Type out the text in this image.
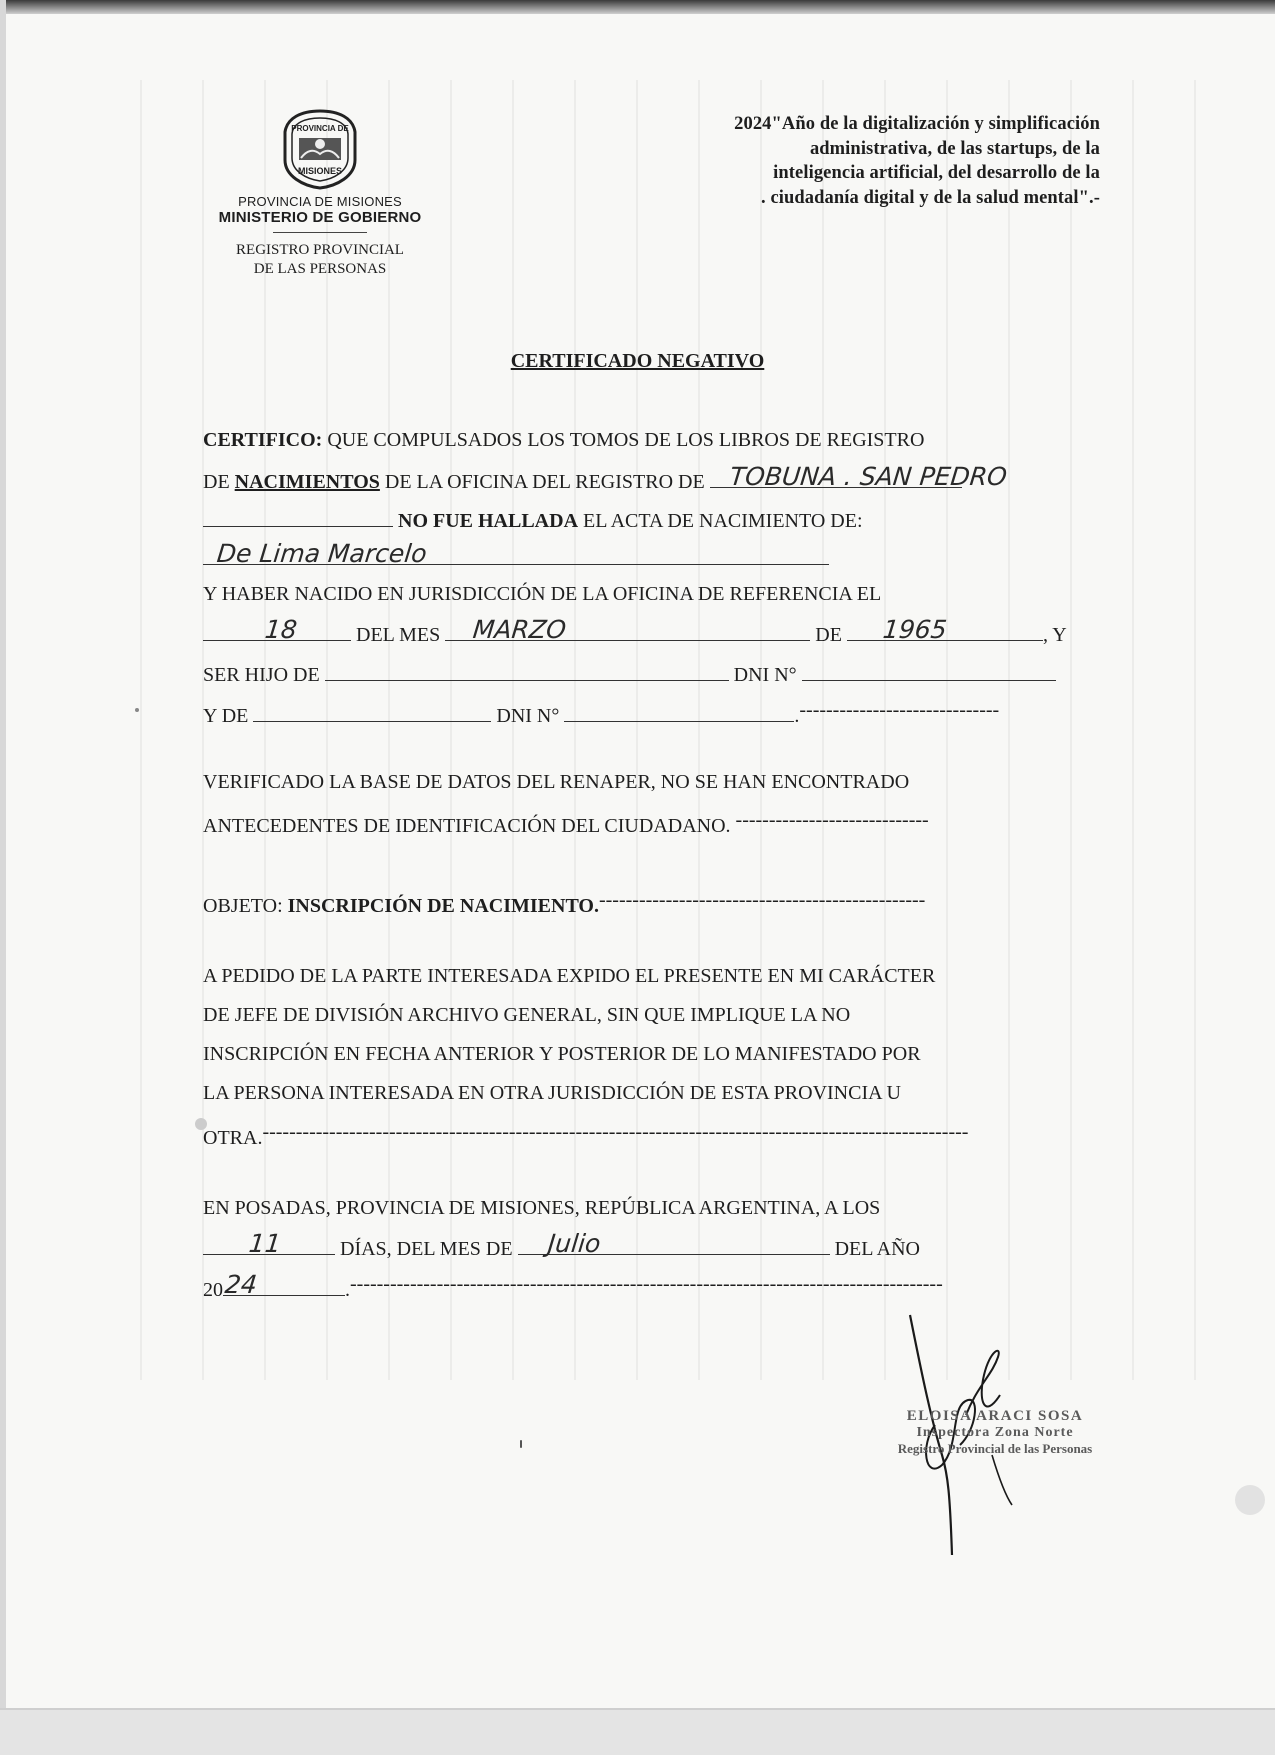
PROVINCIA DE
MISIONES
PROVINCIA DE MISIONES
MINISTERIO DE GOBIERNO
REGISTRO PROVINCIAL
DE LAS PERSONAS
2024"Año de la digitalización y simplificación
administrativa, de las startups, de la
inteligencia artificial, del desarrollo de la
. ciudadanía digital y de la salud mental".-
CERTIFICADO NEGATIVO
CERTIFICO: QUE COMPULSADOS LOS TOMOS DE LOS LIBROS DE REGISTRO
DE NACIMIENTOS DE LA OFICINA DEL REGISTRO DE TOBUNA . SAN PEDRO
NO FUE HALLADA EL ACTA DE NACIMIENTO DE:
De Lima Marcelo
Y HABER NACIDO EN JURISDICCIÓN DE LA OFICINA DE REFERENCIA EL
18	DEL MES MARZO	DE 1965	, Y
SER HIJO DE	DNI N°
Y DE	DNI N°	.------------------------------
VERIFICADO LA BASE DE DATOS DEL RENAPER, NO SE HAN ENCONTRADO
ANTECEDENTES DE IDENTIFICACIÓN DEL CIUDADANO. -----------------------------
OBJETO: INSCRIPCIÓN DE NACIMIENTO.-------------------------------------------------
A PEDIDO DE LA PARTE INTERESADA EXPIDO EL PRESENTE EN MI CARÁCTER
DE JEFE DE DIVISIÓN ARCHIVO GENERAL, SIN QUE IMPLIQUE LA NO
INSCRIPCIÓN EN FECHA ANTERIOR Y POSTERIOR DE LO MANIFESTADO POR
LA PERSONA INTERESADA EN OTRA JURISDICCIÓN DE ESTA PROVINCIA U
OTRA.----------------------------------------------------------------------------------------------------------
EN POSADAS, PROVINCIA DE MISIONES, REPÚBLICA ARGENTINA, A LOS
11	DÍAS, DEL MES DE Julio	DEL AÑO
20 24	.-----------------------------------------------------------------------------------------
ELOISA ARACI SOSA
Inspectora Zona Norte
Registro Provincial de las Personas
